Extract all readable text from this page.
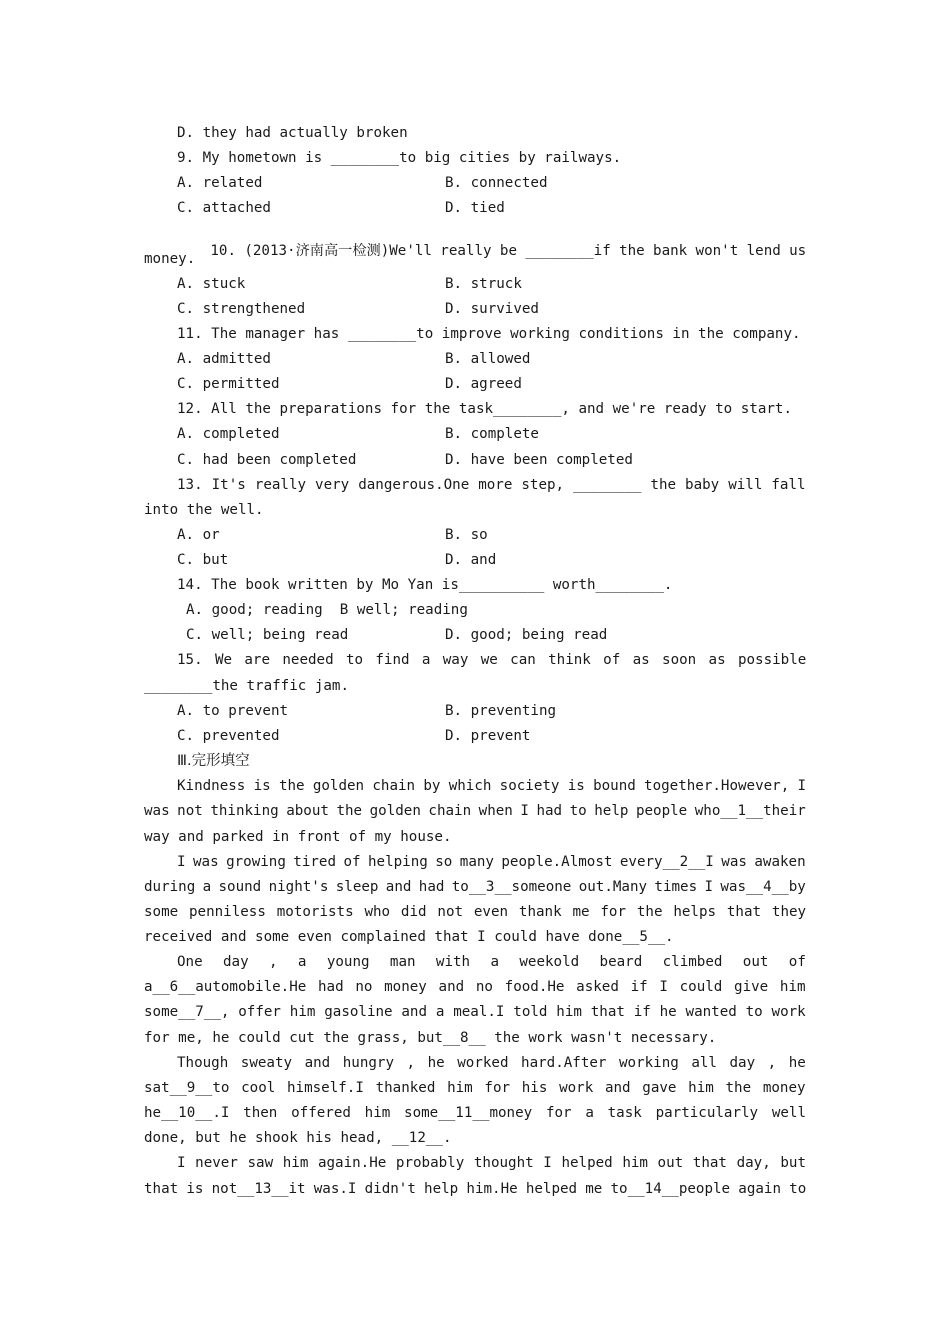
D. they had actually broken
9. My hometown is ________to big cities by railways.
A. related	B. connected
C. attached	D. tied

10. (2013·济南高一检测)We'll really be ________if the bank won't lend us

money.
A. stuck	B. struck
C. strengthened	D. survived
11. The manager has ________to improve working conditions in the company.
A. admitted	B. allowed
C. permitted	D. agreed
12. All the preparations for the task________, and we're ready to start.
A. completed	B. complete
C. had been completed	D. have been completed
13. It's really very dangerous.One more step, ________ the baby will fall
into the well.
A. or	B. so
C. but	D. and
14. The book written by Mo Yan is__________ worth________.
A. good; reading  B well; reading
C. well; being read	D. good; being read
15. We are needed to find a way we can think of as soon as possible
________the traffic jam.
A. to prevent	B. preventing
C. prevented	D. prevent
Ⅲ.完形填空
Kindness is the golden chain by which society is bound together.However, I
was not thinking about the golden chain when I had to help people who__1__their
way and parked in front of my house.
I was growing tired of helping so many people.Almost every__2__I was awaken
during a sound night's sleep and had to__3__someone out.Many times I was__4__by
some penniless motorists who did not even thank me for the helps that they
received and some even complained that I could have done__5__.
One day , a young man with a weekold beard climbed out of
a__6__automobile.He had no money and no food.He asked if I could give him
some__7__, offer him gasoline and a meal.I told him that if he wanted to work
for me, he could cut the grass, but__8__ the work wasn't necessary.
Though sweaty and hungry , he worked hard.After working all day , he
sat__9__to cool himself.I thanked him for his work and gave him the money
he__10__.I then offered him some__11__money for a task particularly well
done, but he shook his head, __12__.
I never saw him again.He probably thought I helped him out that day, but
that is not__13__it was.I didn't help him.He helped me to__14__people again to
